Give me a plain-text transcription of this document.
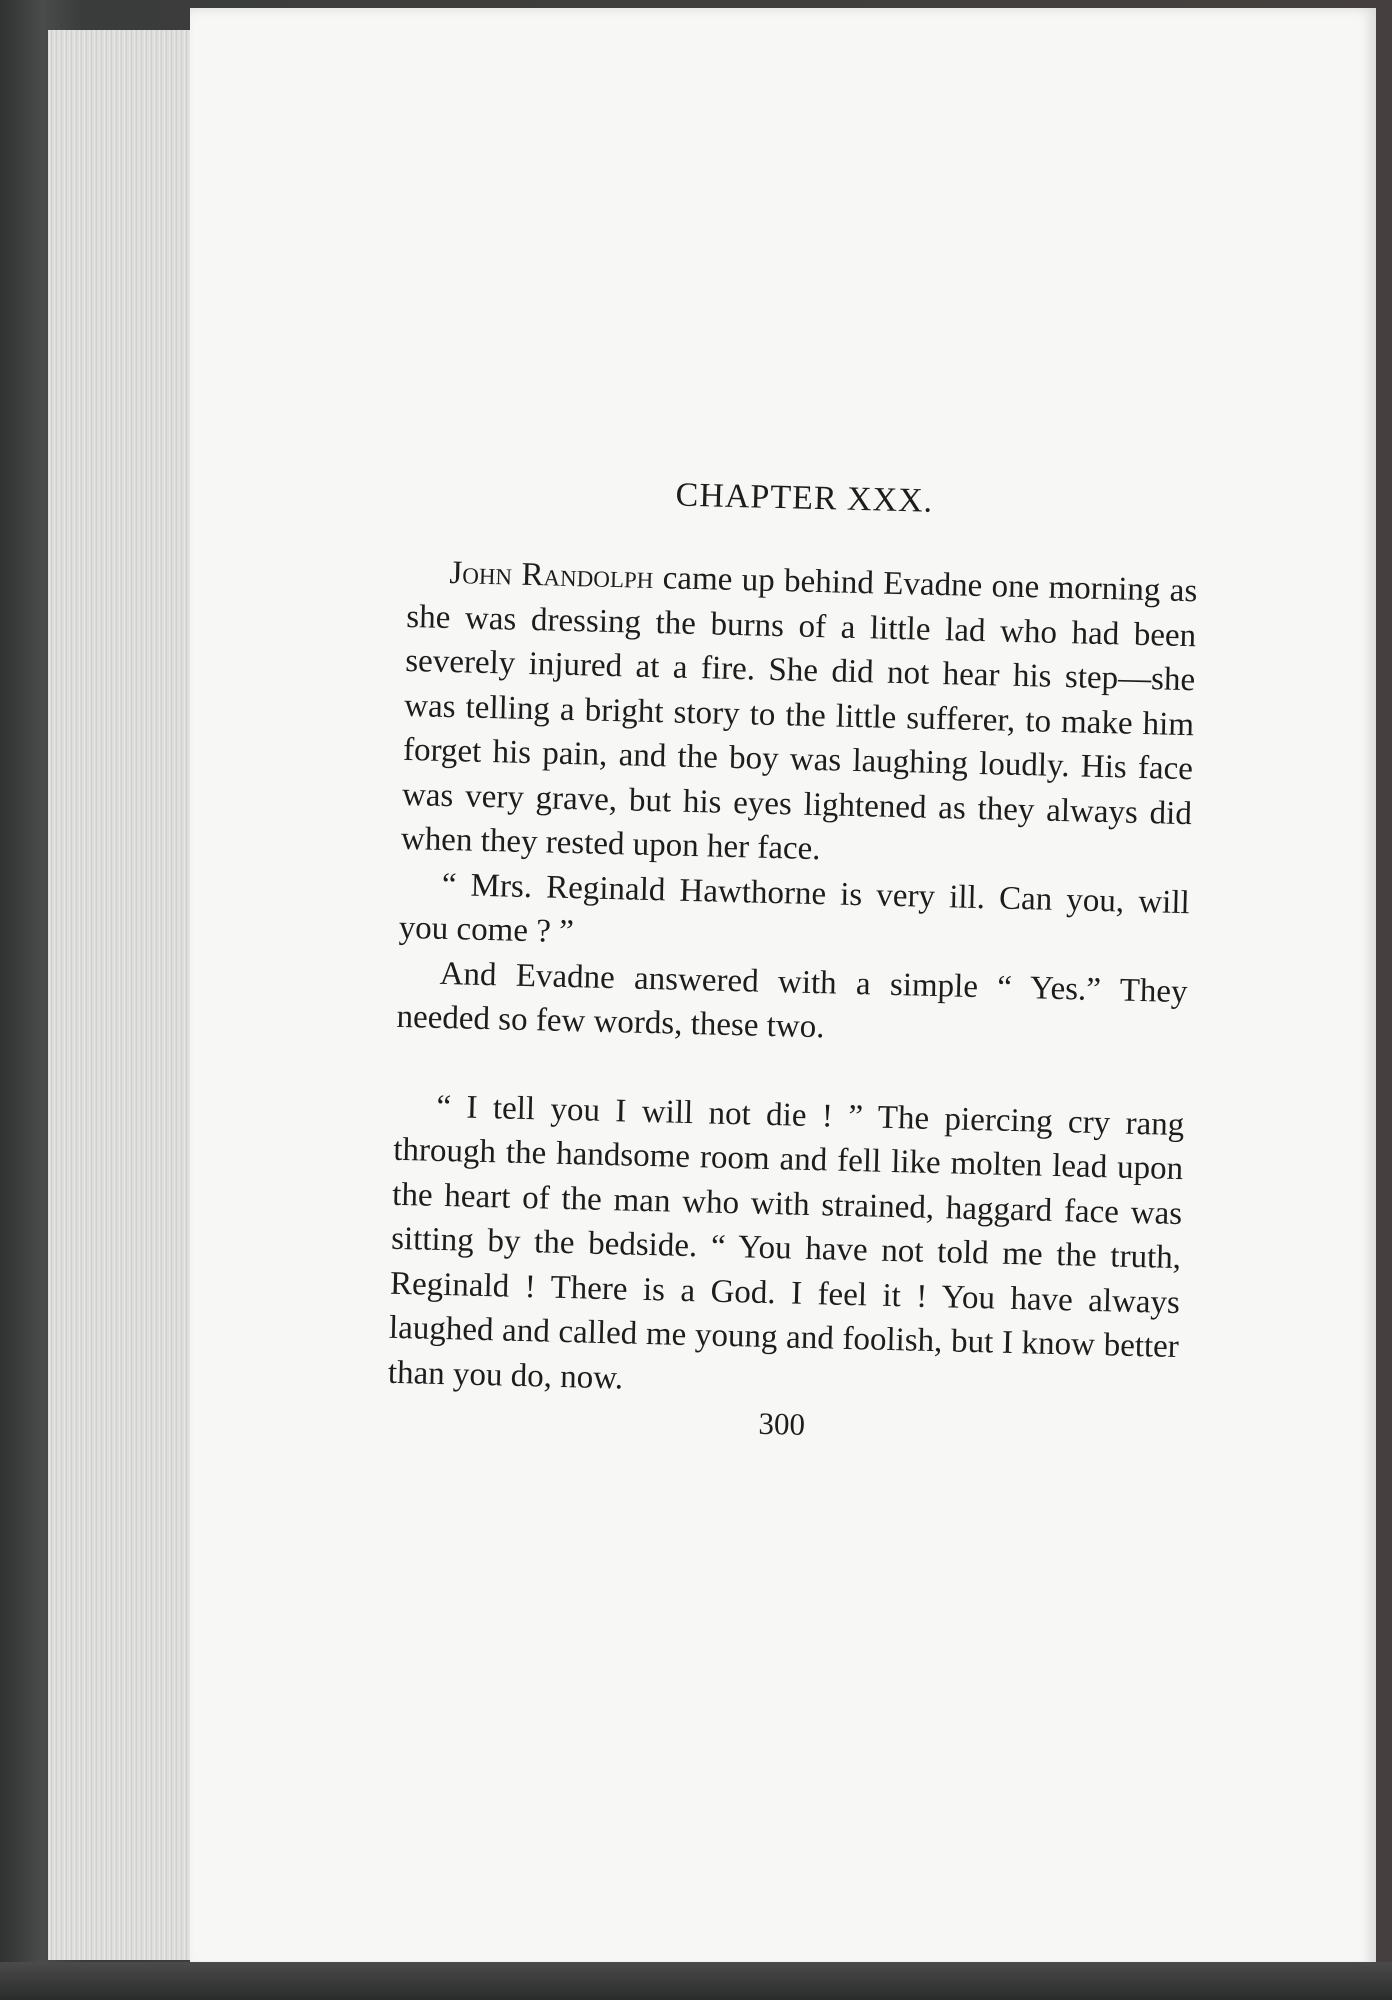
CHAPTER XXX.

John Randolph came up behind Evadne one morning as she was dressing the burns of a little lad who had been severely injured at a fire. She did not hear his step—she was telling a bright story to the little sufferer, to make him forget his pain, and the boy was laughing loudly. His face was very grave, but his eyes lightened as they always did when they rested upon her face.

“ Mrs. Reginald Hawthorne is very ill. Can you, will you come ? ”

And Evadne answered with a simple “ Yes.” They needed so few words, these two.

“ I tell you I will not die ! ” The piercing cry rang through the handsome room and fell like molten lead upon the heart of the man who with strained, haggard face was sitting by the bedside. “ You have not told me the truth, Reginald ! There is a God. I feel it ! You have always laughed and called me young and foolish, but I know better than you do, now.

300
